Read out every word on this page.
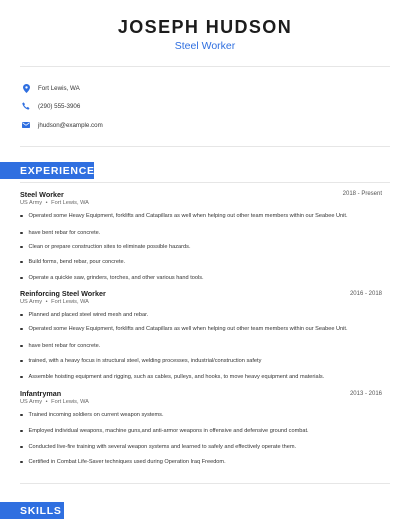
JOSEPH HUDSON
Steel Worker
Fort Lewis, WA
(290) 555-3906
jhudson@example.com
EXPERIENCE
Steel Worker	2018 - Present
US Army • Fort Lewis, WA
Operated some Heavy Equipment, forklifts and Catapillars as well when helping out other team members within our Seabee Unit.
have bent rebar for concrete.
Clean or prepare construction sites to eliminate possible hazards.
Build forms, bend rebar, pour concrete.
Operate a quickie saw, grinders, torches, and other various hand tools.
Reinforcing Steel Worker	2016 - 2018
US Army • Fort Lewis, WA
Planned and placed steel wired mesh and rebar.
Operated some Heavy Equipment, forklifts and Catapillars as well when helping out other team members within our Seabee Unit.
have bent rebar for concrete.
trained, with a heavy focus in structural steel, welding processes, industrial/construction safety
Assemble hoisting equipment and rigging, such as cables, pulleys, and hooks, to move heavy equipment and materials.
Infantryman	2013 - 2016
US Army • Fort Lewis, WA
Trained incoming soldiers on current weapon systems.
Employed individual weapons, machine guns,and anti-armor weapons in offensive and defensive ground combat.
Conducted live-fire training with several weapon systems and learned to safely and effectively operate them.
Certified in Combat Life-Saver techniques used during Operation Iraq Freedom.
SKILLS
